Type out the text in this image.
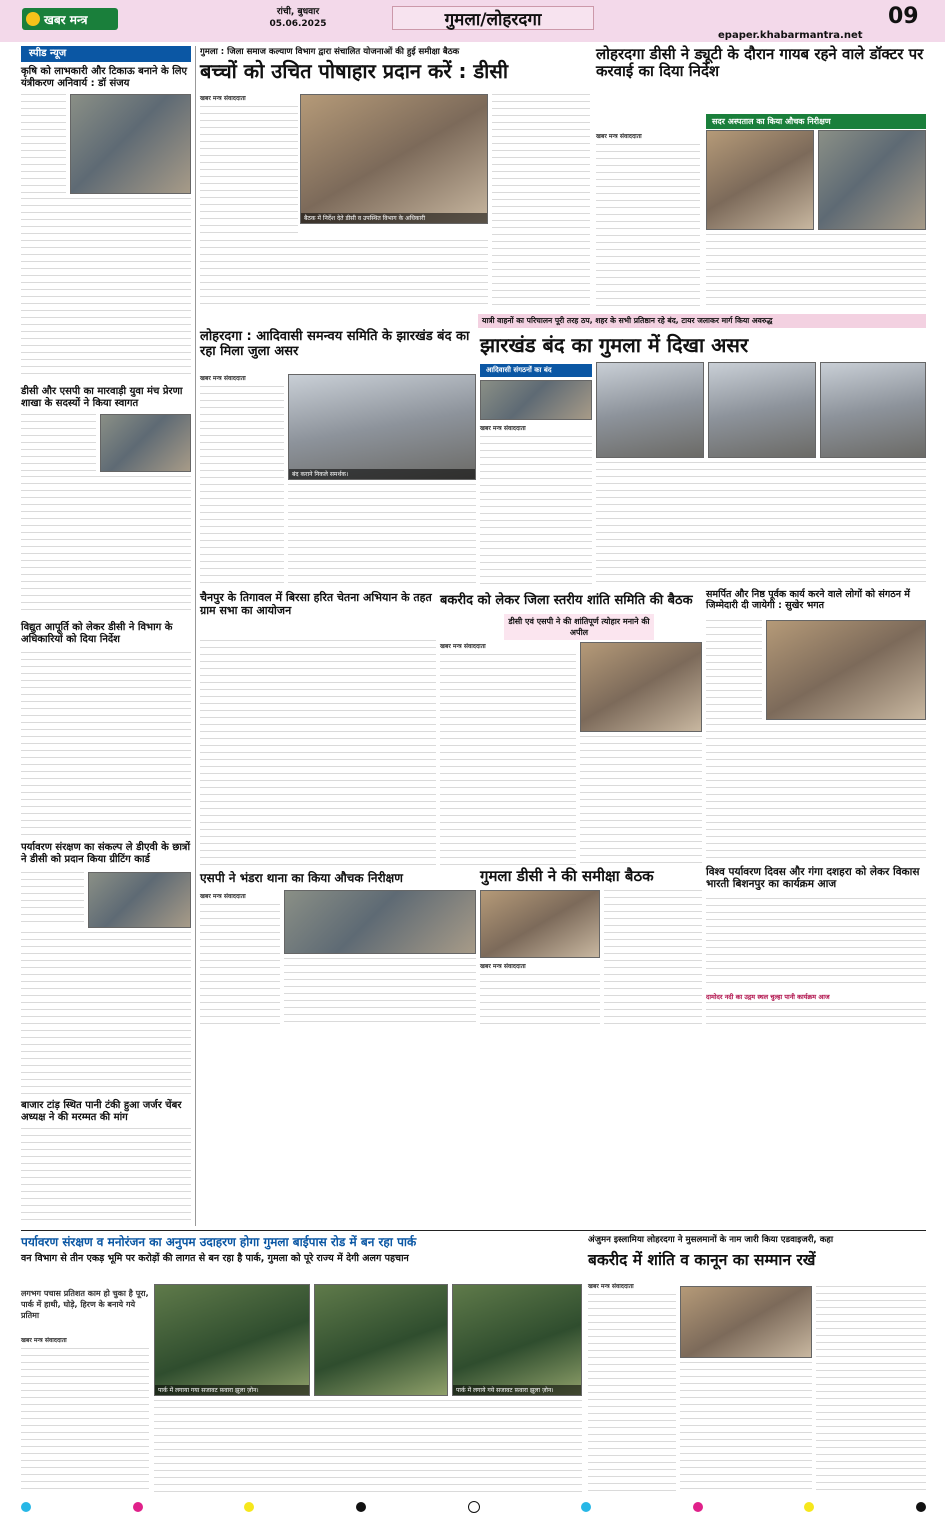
खबर मन्त्र
रांची, बुधवार
05.06.2025	गुमला/लोहरदगा	09
epaper.khabarmantra.net
स्पीड न्यूज
कृषि को लाभकारी और टिकाऊ बनाने के लिए यंत्रीकरण अनिवार्य : डॉ संजय
डीसी और एसपी का मारवाड़ी युवा मंच प्रेरणा शाखा के सदस्यों ने किया स्वागत
विद्युत आपूर्ति को लेकर डीसी ने विभाग के अधिकारियों को दिया निर्देश
पर्यावरण संरक्षण का संकल्प ले डीएवी के छात्रों ने डीसी को प्रदान किया ग्रीटिंग कार्ड
बाजार टांड़ स्थित पानी टंकी हुआ जर्जर चेंबर अध्यक्ष ने की मरम्मत की मांग
गुमला : जिला समाज कल्याण विभाग द्वारा संचालित योजनाओं की हुई समीक्षा बैठक
बच्चों को उचित पोषाहार प्रदान करें : डीसी
खबर मन्त्र संवाददाता
बैठक में निर्देश देते डीसी व उपस्थित विभाग के अधिकारी
लोहरदगा डीसी ने ड्यूटी के दौरान गायब रहने वाले डॉक्टर पर करवाई का दिया निर्देश
सदर अस्पताल का किया औचक निरीक्षण
खबर मन्त्र संवाददाता
यात्री वाहनों का परिचालन पूरी तरह ठप, शहर के सभी प्रतिष्ठान रहे बंद, टायर जलाकर मार्ग किया अवरुद्ध
लोहरदगा : आदिवासी समन्वय समिति के झारखंड बंद का रहा मिला जुला असर
खबर मन्त्र संवाददाता
बंद कराने निकले समर्थक।
झारखंड बंद का गुमला में दिखा असर
आदिवासी संगठनों का बंद
खबर मन्त्र संवाददाता
समर्पित और निष्ठ पूर्वक कार्य करने वाले लोगों को संगठन में जिम्मेदारी दी जायेगी : सुखेर भगत
चैनपुर के तिगावल में बिरसा हरित चेतना अभियान के तहत ग्राम सभा का आयोजन
बकरीद को लेकर जिला स्तरीय शांति समिति की बैठक
डीसी एवं एसपी ने की शांतिपूर्ण त्योहार मनाने की अपील
खबर मन्त्र संवाददाता
एसपी ने भंडरा थाना का किया औचक निरीक्षण
खबर मन्त्र संवाददाता
गुमला डीसी ने की समीक्षा बैठक
खबर मन्त्र संवाददाता
विश्व पर्यावरण दिवस और गंगा दशहरा को लेकर विकास भारती बिशनपुर का कार्यक्रम आज
दामोदर नदी का उद्गम स्थल चुल्हा पानी कार्यक्रम आज
पर्यावरण संरक्षण व मनोरंजन का अनुपम उदाहरण होगा गुमला बाईपास रोड में बन रहा पार्क
वन विभाग से तीन एकड़ भूमि पर करोड़ों की लागत से बन रहा है पार्क, गुमला को पूरे राज्य में देगी अलग पहचान
लगभग पचास प्रतिशत काम हो चुका है पूरा, पार्क में हाथी, घोड़े, हिरण के बनाये गये प्रतिमा
खबर मन्त्र संवाददाता
पार्क में लगाया गया सजावट फ़वारा झूला ज़ोन।	पार्क में लगाये गये सजावट फ़वारा झूला ज़ोन।
अंजुमन इस्लामिया लोहरदगा ने मुसलमानों के नाम जारी किया एडवाइजरी, कहा
बकरीद में शांति व कानून का सम्मान रखें
खबर मन्त्र संवाददाता
